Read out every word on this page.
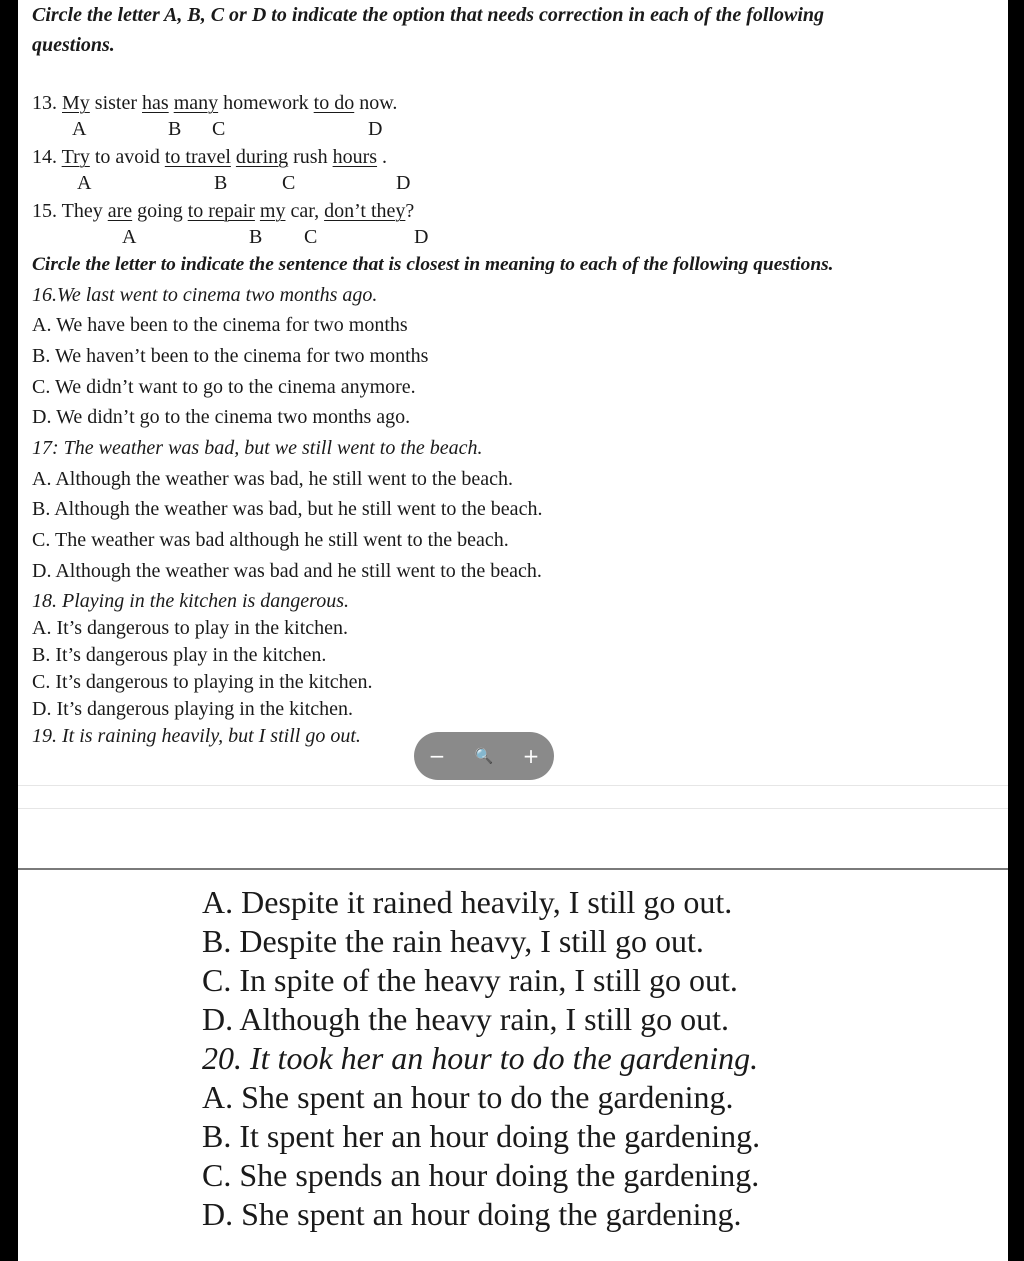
Circle the letter A, B, C or D to indicate the option that needs correction in each of the following
questions.
13. My sister has many homework to do now.
A	B C	D
14. Try to avoid to travel during rush hours .
A	B	C	D
15. They are going to repair my car, don’t they?
A	B C	D
Circle the letter to indicate the sentence that is closest in meaning to each of the following questions.
16.We last went to cinema two months ago.
A. We have been to the cinema for two months
B. We haven’t been to the cinema for two months
C. We didn’t want to go to the cinema anymore.
D. We didn’t go to the cinema two months ago.
17: The weather was bad, but we still went to the beach.
A. Although the weather was bad, he still went to the beach.
B. Although the weather was bad, but he still went to the beach.
C. The weather was bad although he still went to the beach.
D. Although the weather was bad and he still went to the beach.
18. Playing in the kitchen is dangerous.
A. It’s dangerous to play in the kitchen.
B. It’s dangerous play in the kitchen.
C. It’s dangerous to playing in the kitchen.
D. It’s dangerous playing in the kitchen.
19. It is raining heavily, but I still go out.
− 🔍 +
A. Despite it rained heavily, I still go out.
B. Despite the rain heavy, I still go out.
C. In spite of the heavy rain, I still go out.
D. Although the heavy rain, I still go out.
20. It took her an hour to do the gardening.
A. She spent an hour to do the gardening.
B. It spent her an hour doing the gardening.
C. She spends an hour doing the gardening.
D. She spent an hour doing the gardening.
